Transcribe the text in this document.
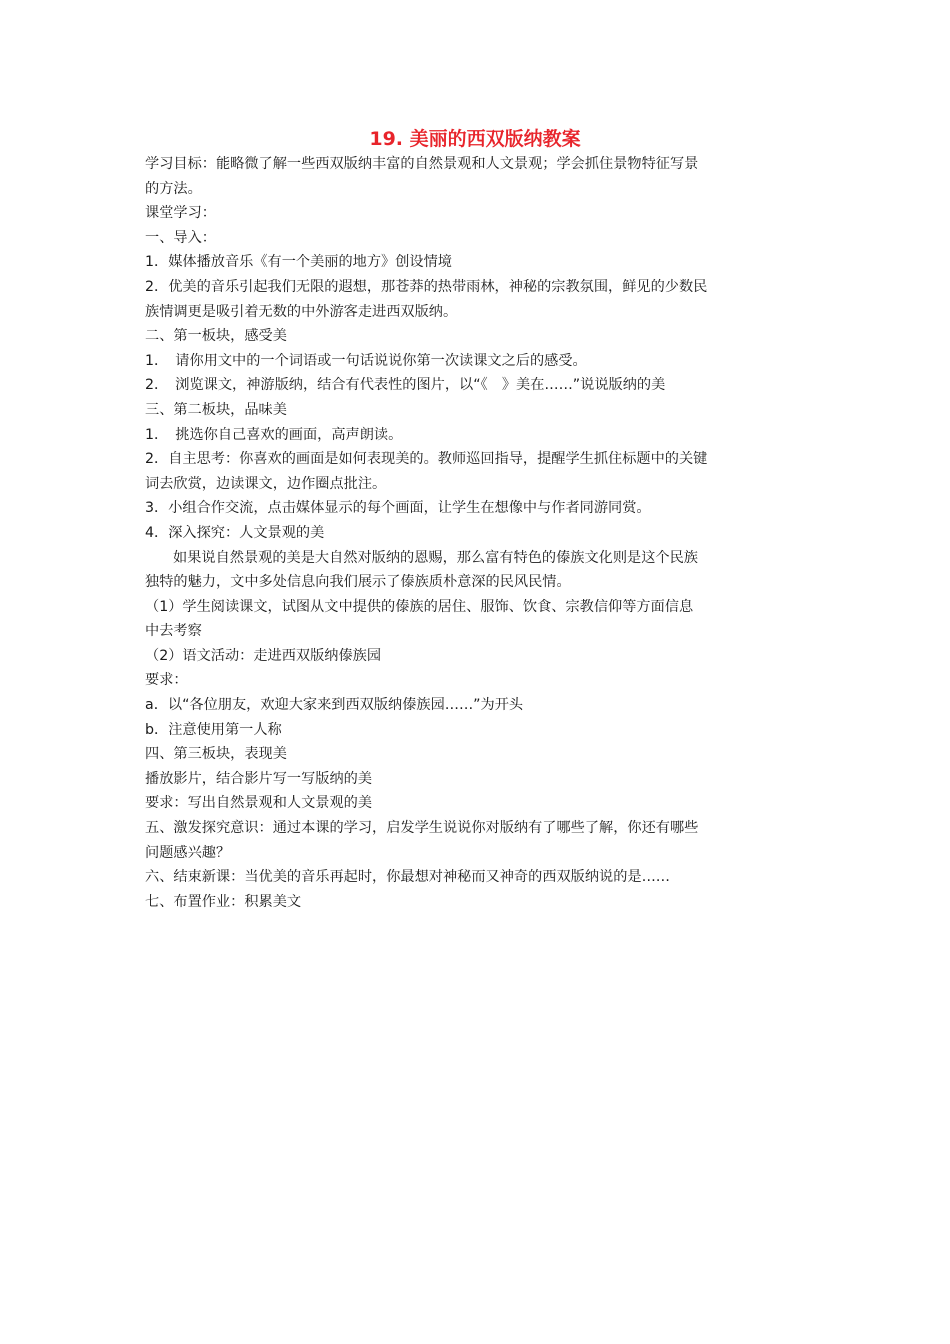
19. 美丽的西双版纳教案
学习目标：能略微了解一些西双版纳丰富的自然景观和人文景观；学会抓住景物特征写景
的方法。
课堂学习：
一、导入：
1．媒体播放音乐《有一个美丽的地方》创设情境
2．优美的音乐引起我们无限的遐想，那苍莽的热带雨林，神秘的宗教氛围，鲜见的少数民
族情调更是吸引着无数的中外游客走进西双版纳。
二、第一板块，感受美
1．　请你用文中的一个词语或一句话说说你第一次读课文之后的感受。
2．　浏览课文，神游版纳，结合有代表性的图片，以“《　》美在……”说说版纳的美
三、第二板块，品味美
1．　挑选你自己喜欢的画面，高声朗读。
2．自主思考：你喜欢的画面是如何表现美的。教师巡回指导，提醒学生抓住标题中的关键
词去欣赏，边读课文，边作圈点批注。
3．小组合作交流，点击媒体显示的每个画面，让学生在想像中与作者同游同赏。
4．深入探究：人文景观的美
如果说自然景观的美是大自然对版纳的恩赐，那么富有特色的傣族文化则是这个民族
独特的魅力，文中多处信息向我们展示了傣族质朴意深的民风民情。
（1）学生阅读课文，试图从文中提供的傣族的居住、服饰、饮食、宗教信仰等方面信息
中去考察
（2）语文活动：走进西双版纳傣族园
要求：
a．以“各位朋友，欢迎大家来到西双版纳傣族园……”为开头
b．注意使用第一人称
四、第三板块，表现美
播放影片，结合影片写一写版纳的美
要求：写出自然景观和人文景观的美
五、激发探究意识：通过本课的学习，启发学生说说你对版纳有了哪些了解，你还有哪些
问题感兴趣？
六、结束新课：当优美的音乐再起时，你最想对神秘而又神奇的西双版纳说的是……
七、布置作业：积累美文
